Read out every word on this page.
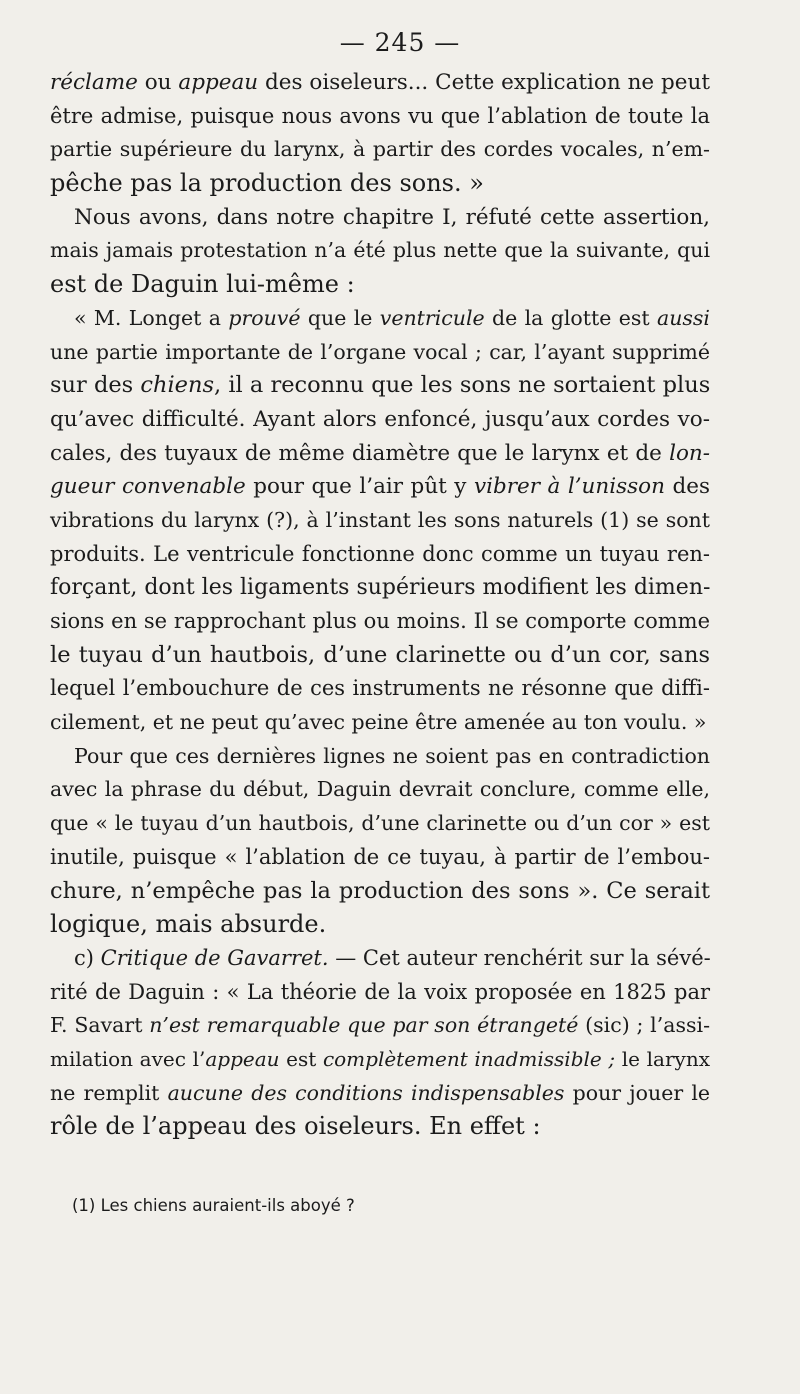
— 245 —
réclame ou appeau des oiseleurs... Cette explication ne peut
être admise, puisque nous avons vu que l’ablation de toute la
partie supérieure du larynx, à partir des cordes vocales, n’em-
pêche pas la production des sons. »
Nous avons, dans notre chapitre I, réfuté cette assertion,
mais jamais protestation n’a été plus nette que la suivante, qui
est de Daguin lui-même :
« M. Longet a prouvé que le ventricule de la glotte est aussi
une partie importante de l’organe vocal ; car, l’ayant supprimé
sur des chiens, il a reconnu que les sons ne sortaient plus
qu’avec difficulté. Ayant alors enfoncé, jusqu’aux cordes vo-
cales, des tuyaux de même diamètre que le larynx et de lon-
gueur convenable pour que l’air pût y vibrer à l’unisson des
vibrations du larynx (?), à l’instant les sons naturels (1) se sont
produits. Le ventricule fonctionne donc comme un tuyau ren-
forçant, dont les ligaments supérieurs modifient les dimen-
sions en se rapprochant plus ou moins. Il se comporte comme
le tuyau d’un hautbois, d’une clarinette ou d’un cor, sans
lequel l’embouchure de ces instruments ne résonne que diffi-
cilement, et ne peut qu’avec peine être amenée au ton voulu. »
Pour que ces dernières lignes ne soient pas en contradiction
avec la phrase du début, Daguin devrait conclure, comme elle,
que « le tuyau d’un hautbois, d’une clarinette ou d’un cor » est
inutile, puisque « l’ablation de ce tuyau, à partir de l’embou-
chure, n’empêche pas la production des sons ». Ce serait
logique, mais absurde.
c) Critique de Gavarret. — Cet auteur renchérit sur la sévé-
rité de Daguin : « La théorie de la voix proposée en 1825 par
F. Savart n’est remarquable que par son étrangeté (sic) ; l’assi-
milation avec l’appeau est complètement inadmissible ; le larynx
ne remplit aucune des conditions indispensables pour jouer le
rôle de l’appeau des oiseleurs. En effet :
(1) Les chiens auraient-ils aboyé ?
